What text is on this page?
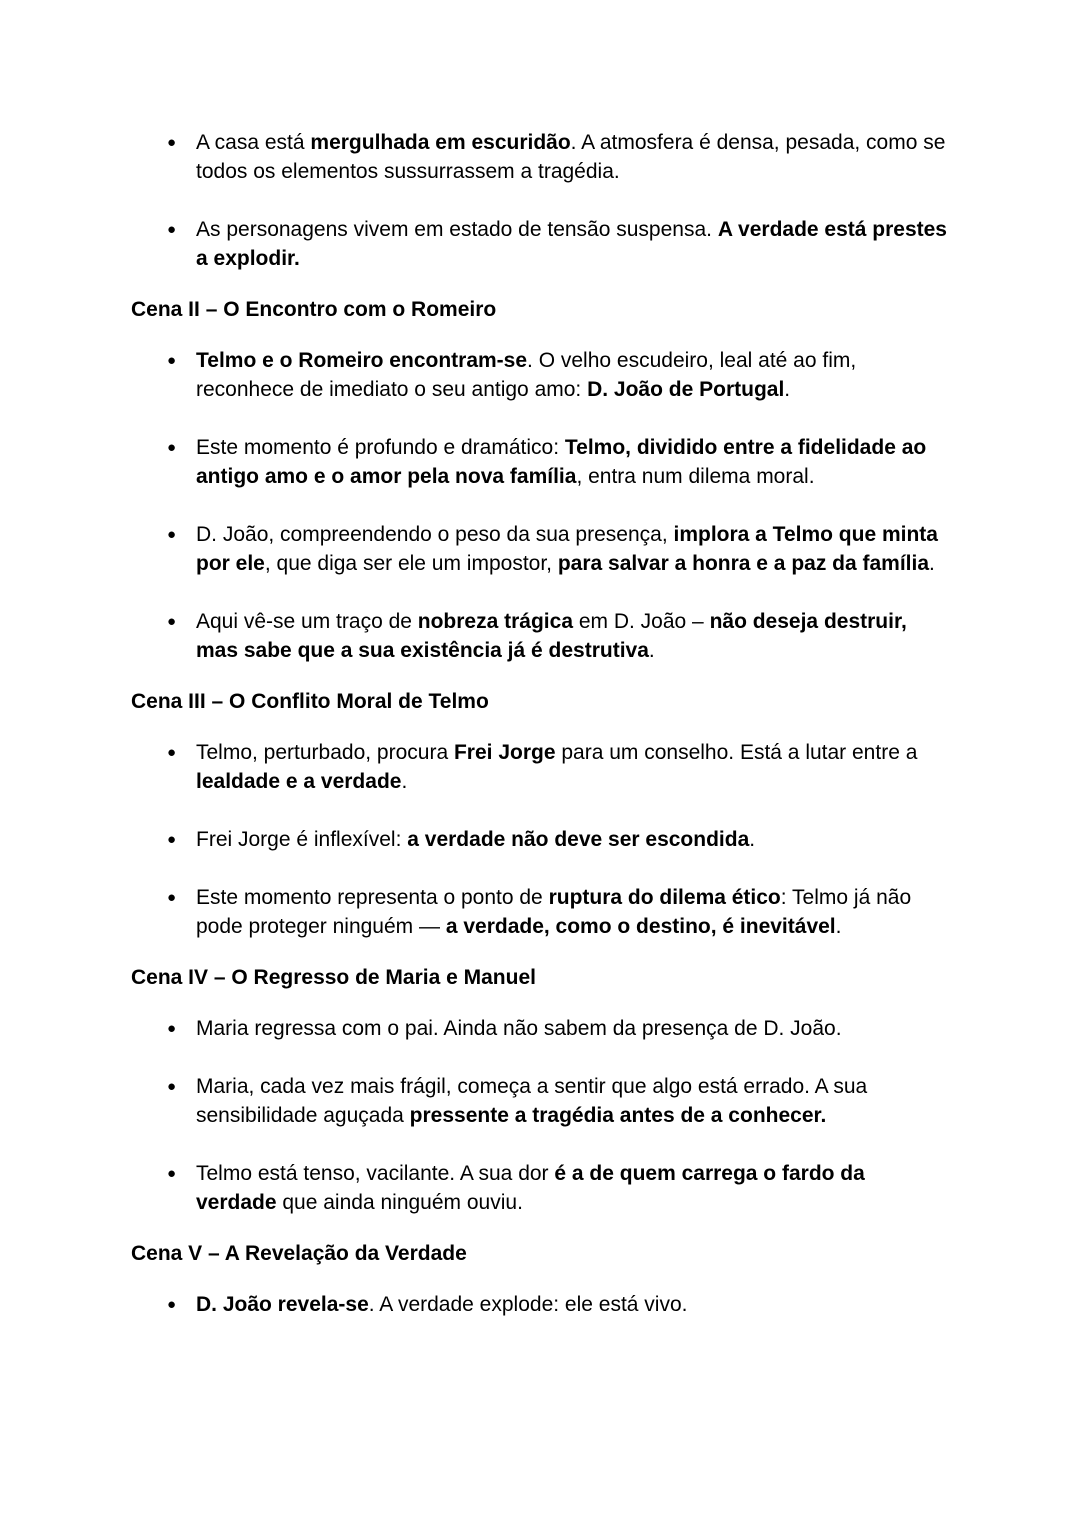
● A casa está mergulhada em escuridão. A atmosfera é densa, pesada, como se todos os elementos sussurrassem a tragédia.
● As personagens vivem em estado de tensão suspensa. A verdade está prestes a explodir.
Cena II – O Encontro com o Romeiro
● Telmo e o Romeiro encontram-se. O velho escudeiro, leal até ao fim, reconhece de imediato o seu antigo amo: D. João de Portugal.
● Este momento é profundo e dramático: Telmo, dividido entre a fidelidade ao antigo amo e o amor pela nova família, entra num dilema moral.
● D. João, compreendendo o peso da sua presença, implora a Telmo que minta por ele, que diga ser ele um impostor, para salvar a honra e a paz da família.
● Aqui vê-se um traço de nobreza trágica em D. João – não deseja destruir, mas sabe que a sua existência já é destrutiva.
Cena III – O Conflito Moral de Telmo
● Telmo, perturbado, procura Frei Jorge para um conselho. Está a lutar entre a lealdade e a verdade.
● Frei Jorge é inflexível: a verdade não deve ser escondida.
● Este momento representa o ponto de ruptura do dilema ético: Telmo já não pode proteger ninguém — a verdade, como o destino, é inevitável.
Cena IV – O Regresso de Maria e Manuel
● Maria regressa com o pai. Ainda não sabem da presença de D. João.
● Maria, cada vez mais frágil, começa a sentir que algo está errado. A sua sensibilidade aguçada pressente a tragédia antes de a conhecer.
● Telmo está tenso, vacilante. A sua dor é a de quem carrega o fardo da verdade que ainda ninguém ouviu.
Cena V – A Revelação da Verdade
● D. João revela-se. A verdade explode: ele está vivo.
